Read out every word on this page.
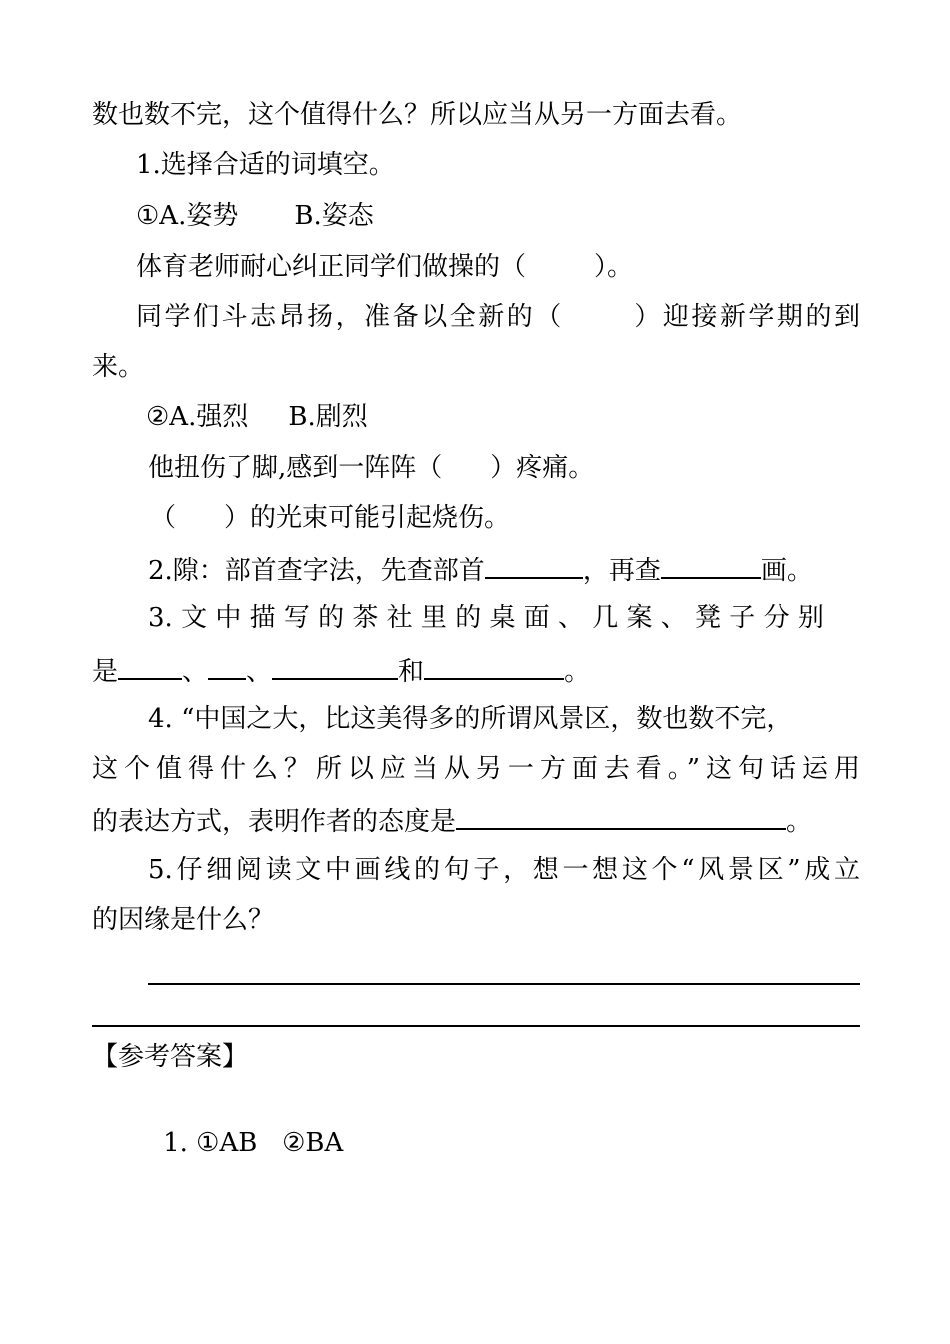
数也数不完，这个值得什么？所以应当从另一方面去看。
1.选择合适的词填空。
①A.姿势 B.姿态
体育老师耐心纠正同学们做操的（	）。
同学们斗志昂扬，准备以全新的（	）迎接新学期的到
来。
②A.强烈 B.剧烈
他扭伤了脚,感到一阵阵（ ）疼痛。
（ ）的光束可能引起烧伤。
2.隙：部首查字法，先查部首	，再查	画。
3. 文 中 描 写 的 茶 社 里 的 桌 面 、 几 案 、 凳 子 分 别
是 、 、	和	。
4. “中国之大，比这美得多的所谓风景区，数也数不完，
这个值得什么？所以应当从另一方面去看。”这句话运用
的表达方式，表明作者的态度是	。
5.仔细阅读文中画线的句子，想一想这个“风景区”成立
的因缘是什么？
【参考答案】

1. ①AB   ②BA
